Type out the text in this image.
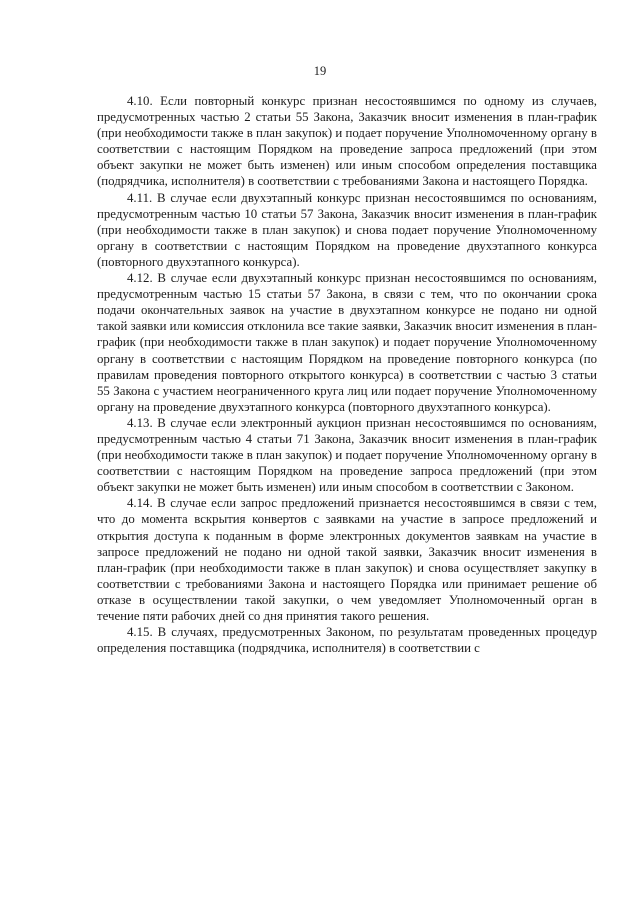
19

4.10. Если повторный конкурс признан несостоявшимся по одному из случаев, предусмотренных частью 2 статьи 55 Закона, Заказчик вносит изменения в план-график (при необходимости также в план закупок) и подает поручение Уполномоченному органу в соответствии с настоящим Порядком на проведение запроса предложений (при этом объект закупки не может быть изменен) или иным способом определения поставщика (подрядчика, исполнителя) в соответствии с требованиями Закона и настоящего Порядка.

4.11. В случае если двухэтапный конкурс признан несостоявшимся по основаниям, предусмотренным частью 10 статьи 57 Закона, Заказчик вносит изменения в план-график (при необходимости также в план закупок) и снова подает поручение Уполномоченному органу в соответствии с настоящим Порядком на проведение двухэтапного конкурса (повторного двухэтапного конкурса).

4.12. В случае если двухэтапный конкурс признан несостоявшимся по основаниям, предусмотренным частью 15 статьи 57 Закона, в связи с тем, что по окончании срока подачи окончательных заявок на участие в двухэтапном конкурсе не подано ни одной такой заявки или комиссия отклонила все такие заявки, Заказчик вносит изменения в план-график (при необходимости также в план закупок) и подает поручение Уполномоченному органу в соответствии с настоящим Порядком на проведение повторного конкурса (по правилам проведения повторного открытого конкурса) в соответствии с частью 3 статьи 55 Закона с участием неограниченного круга лиц или подает поручение Уполномоченному органу на проведение двухэтапного конкурса (повторного двухэтапного конкурса).

4.13. В случае если электронный аукцион признан несостоявшимся по основаниям, предусмотренным частью 4 статьи 71 Закона, Заказчик вносит изменения в план-график (при необходимости также в план закупок) и подает поручение Уполномоченному органу в соответствии с настоящим Порядком на проведение запроса предложений (при этом объект закупки не может быть изменен) или иным способом в соответствии с Законом.

4.14. В случае если запрос предложений признается несостоявшимся в связи с тем, что до момента вскрытия конвертов с заявками на участие в запросе предложений и открытия доступа к поданным в форме электронных документов заявкам на участие в запросе предложений не подано ни одной такой заявки, Заказчик вносит изменения в план-график (при необходимости также в план закупок) и снова осуществляет закупку в соответствии с требованиями Закона и настоящего Порядка или принимает решение об отказе в осуществлении такой закупки, о чем уведомляет Уполномоченный орган в течение пяти рабочих дней со дня принятия такого решения.

4.15. В случаях, предусмотренных Законом, по результатам проведенных процедур определения поставщика (подрядчика, исполнителя) в соответствии с
